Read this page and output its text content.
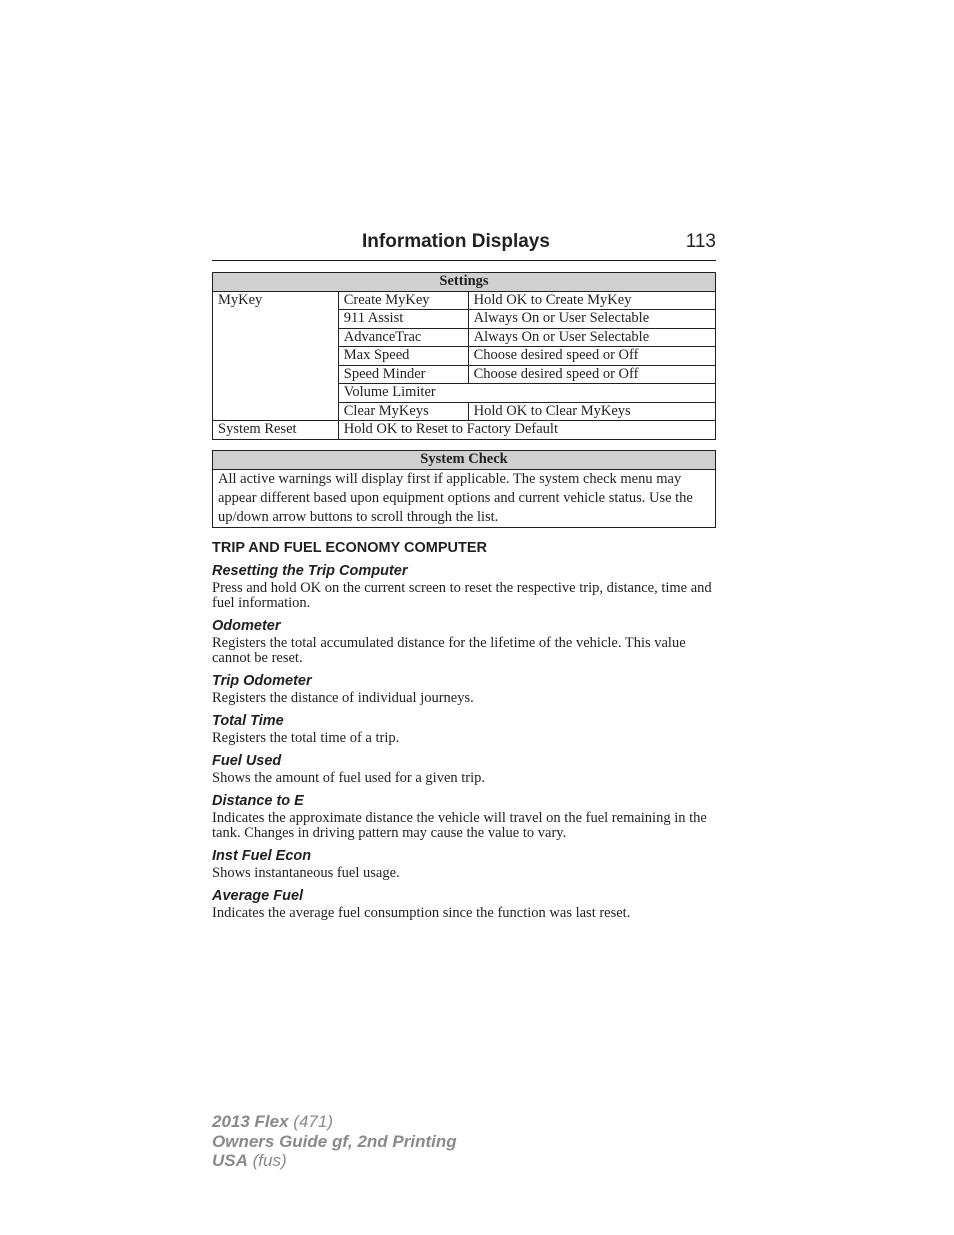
Information Displays	113
Settings		
MyKey	Create MyKey	Hold OK to Create MyKey
	911 Assist	Always On or User Selectable
	AdvanceTrac	Always On or User Selectable
	Max Speed	Choose desired speed or Off
	Speed Minder	Choose desired speed or Off
	Volume Limiter	
	Clear MyKeys	Hold OK to Clear MyKeys
System Reset	Hold OK to Reset to Factory Default	
System Check
All active warnings will display first if applicable. The system check menu may appear different based upon equipment options and current vehicle status. Use the up/down arrow buttons to scroll through the list.
TRIP AND FUEL ECONOMY COMPUTER

Resetting the Trip Computer

Press and hold OK on the current screen to reset the respective trip, distance, time and fuel information.

Odometer

Registers the total accumulated distance for the lifetime of the vehicle. This value cannot be reset.

Trip Odometer

Registers the distance of individual journeys.

Total Time

Registers the total time of a trip.

Fuel Used

Shows the amount of fuel used for a given trip.

Distance to E

Indicates the approximate distance the vehicle will travel on the fuel remaining in the tank. Changes in driving pattern may cause the value to vary.

Inst Fuel Econ

Shows instantaneous fuel usage.

Average Fuel

Indicates the average fuel consumption since the function was last reset.

2013 Flex (471)
Owners Guide gf, 2nd Printing
USA (fus)
